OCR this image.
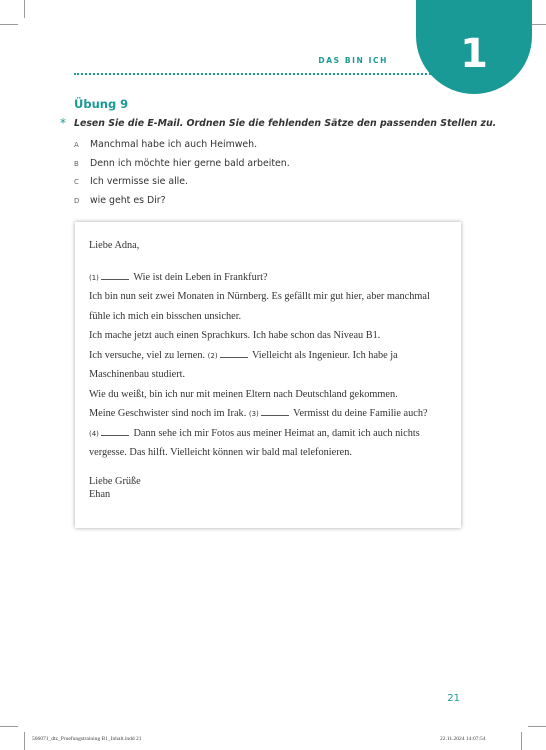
DAS BIN ICH	1
Übung 9
* Lesen Sie die E-Mail. Ordnen Sie die fehlenden Sätze den passenden Stellen zu.
A	Manchmal habe ich auch Heimweh.
B	Denn ich möchte hier gerne bald arbeiten.
C	Ich vermisse sie alle.
D	wie geht es Dir?
Liebe Adna,
(1)	Wie ist dein Leben in Frankfurt?
Ich bin nun seit zwei Monaten in Nürnberg. Es gefällt mir gut hier, aber manchmal
fühle ich mich ein bisschen unsicher.
Ich mache jetzt auch einen Sprachkurs. Ich habe schon das Niveau B1.
Ich versuche, viel zu lernen. (2)	Vielleicht als Ingenieur. Ich habe ja
Maschinenbau studiert.
Wie du weißt, bin ich nur mit meinen Eltern nach Deutschland gekommen.
Meine Geschwister sind noch im Irak. (3)	Vermisst du deine Familie auch?
(4)	Dann sehe ich mir Fotos aus meiner Heimat an, damit ich auch nichts
vergesse. Das hilft. Vielleicht können wir bald mal telefonieren.
Liebe Grüße
Ehan
21
566071_dtz_Pruefungstraining B1_Inhalt.indd 21	22.11.2024 14:07:54
